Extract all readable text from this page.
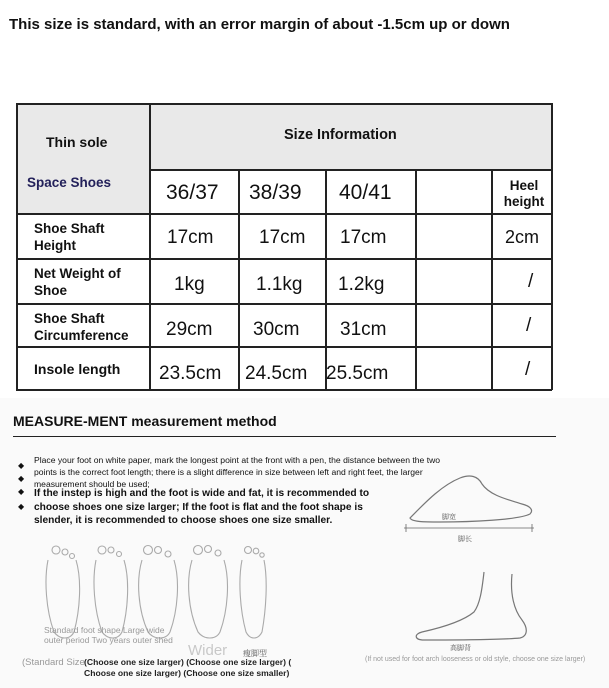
This size is standard, with an error margin of about -1.5cm up or down
Thin sole
Space Shoes
Size Information
36/37 38/39 40/41	Heel height
Shoe Shaft Height	17cm 17cm 17cm	2cm
Net Weight of Shoe	1kg	1.1kg 1.2kg	/
Shoe Shaft Circumference	29cm 30cm 31cm	/
Insole length 23.5cm 24.5cm 25.5cm	/
MEASURE-MENT measurement method
◆
◆
◆
◆
Place your foot on white paper, mark the longest point at the front with a pen, the distance between the two points is the correct foot length; there is a slight difference in size between left and right feet, the larger measurement should be used;
If the instep is high and the foot is wide and fat, it is recommended to choose shoes one size larger; If the foot is flat and the foot shape is slender, it is recommended to choose shoes one size smaller.	脚宽
脚长
高脚背
(If not used for foot arch looseness or old style, choose one size larger)
Standard foot shape Large wide outer period Two years outer shed
Wider 瘦脚型
(Standard Size (Choose one size larger) (Choose one size larger) (
Choose one size larger) (Choose one size smaller)
